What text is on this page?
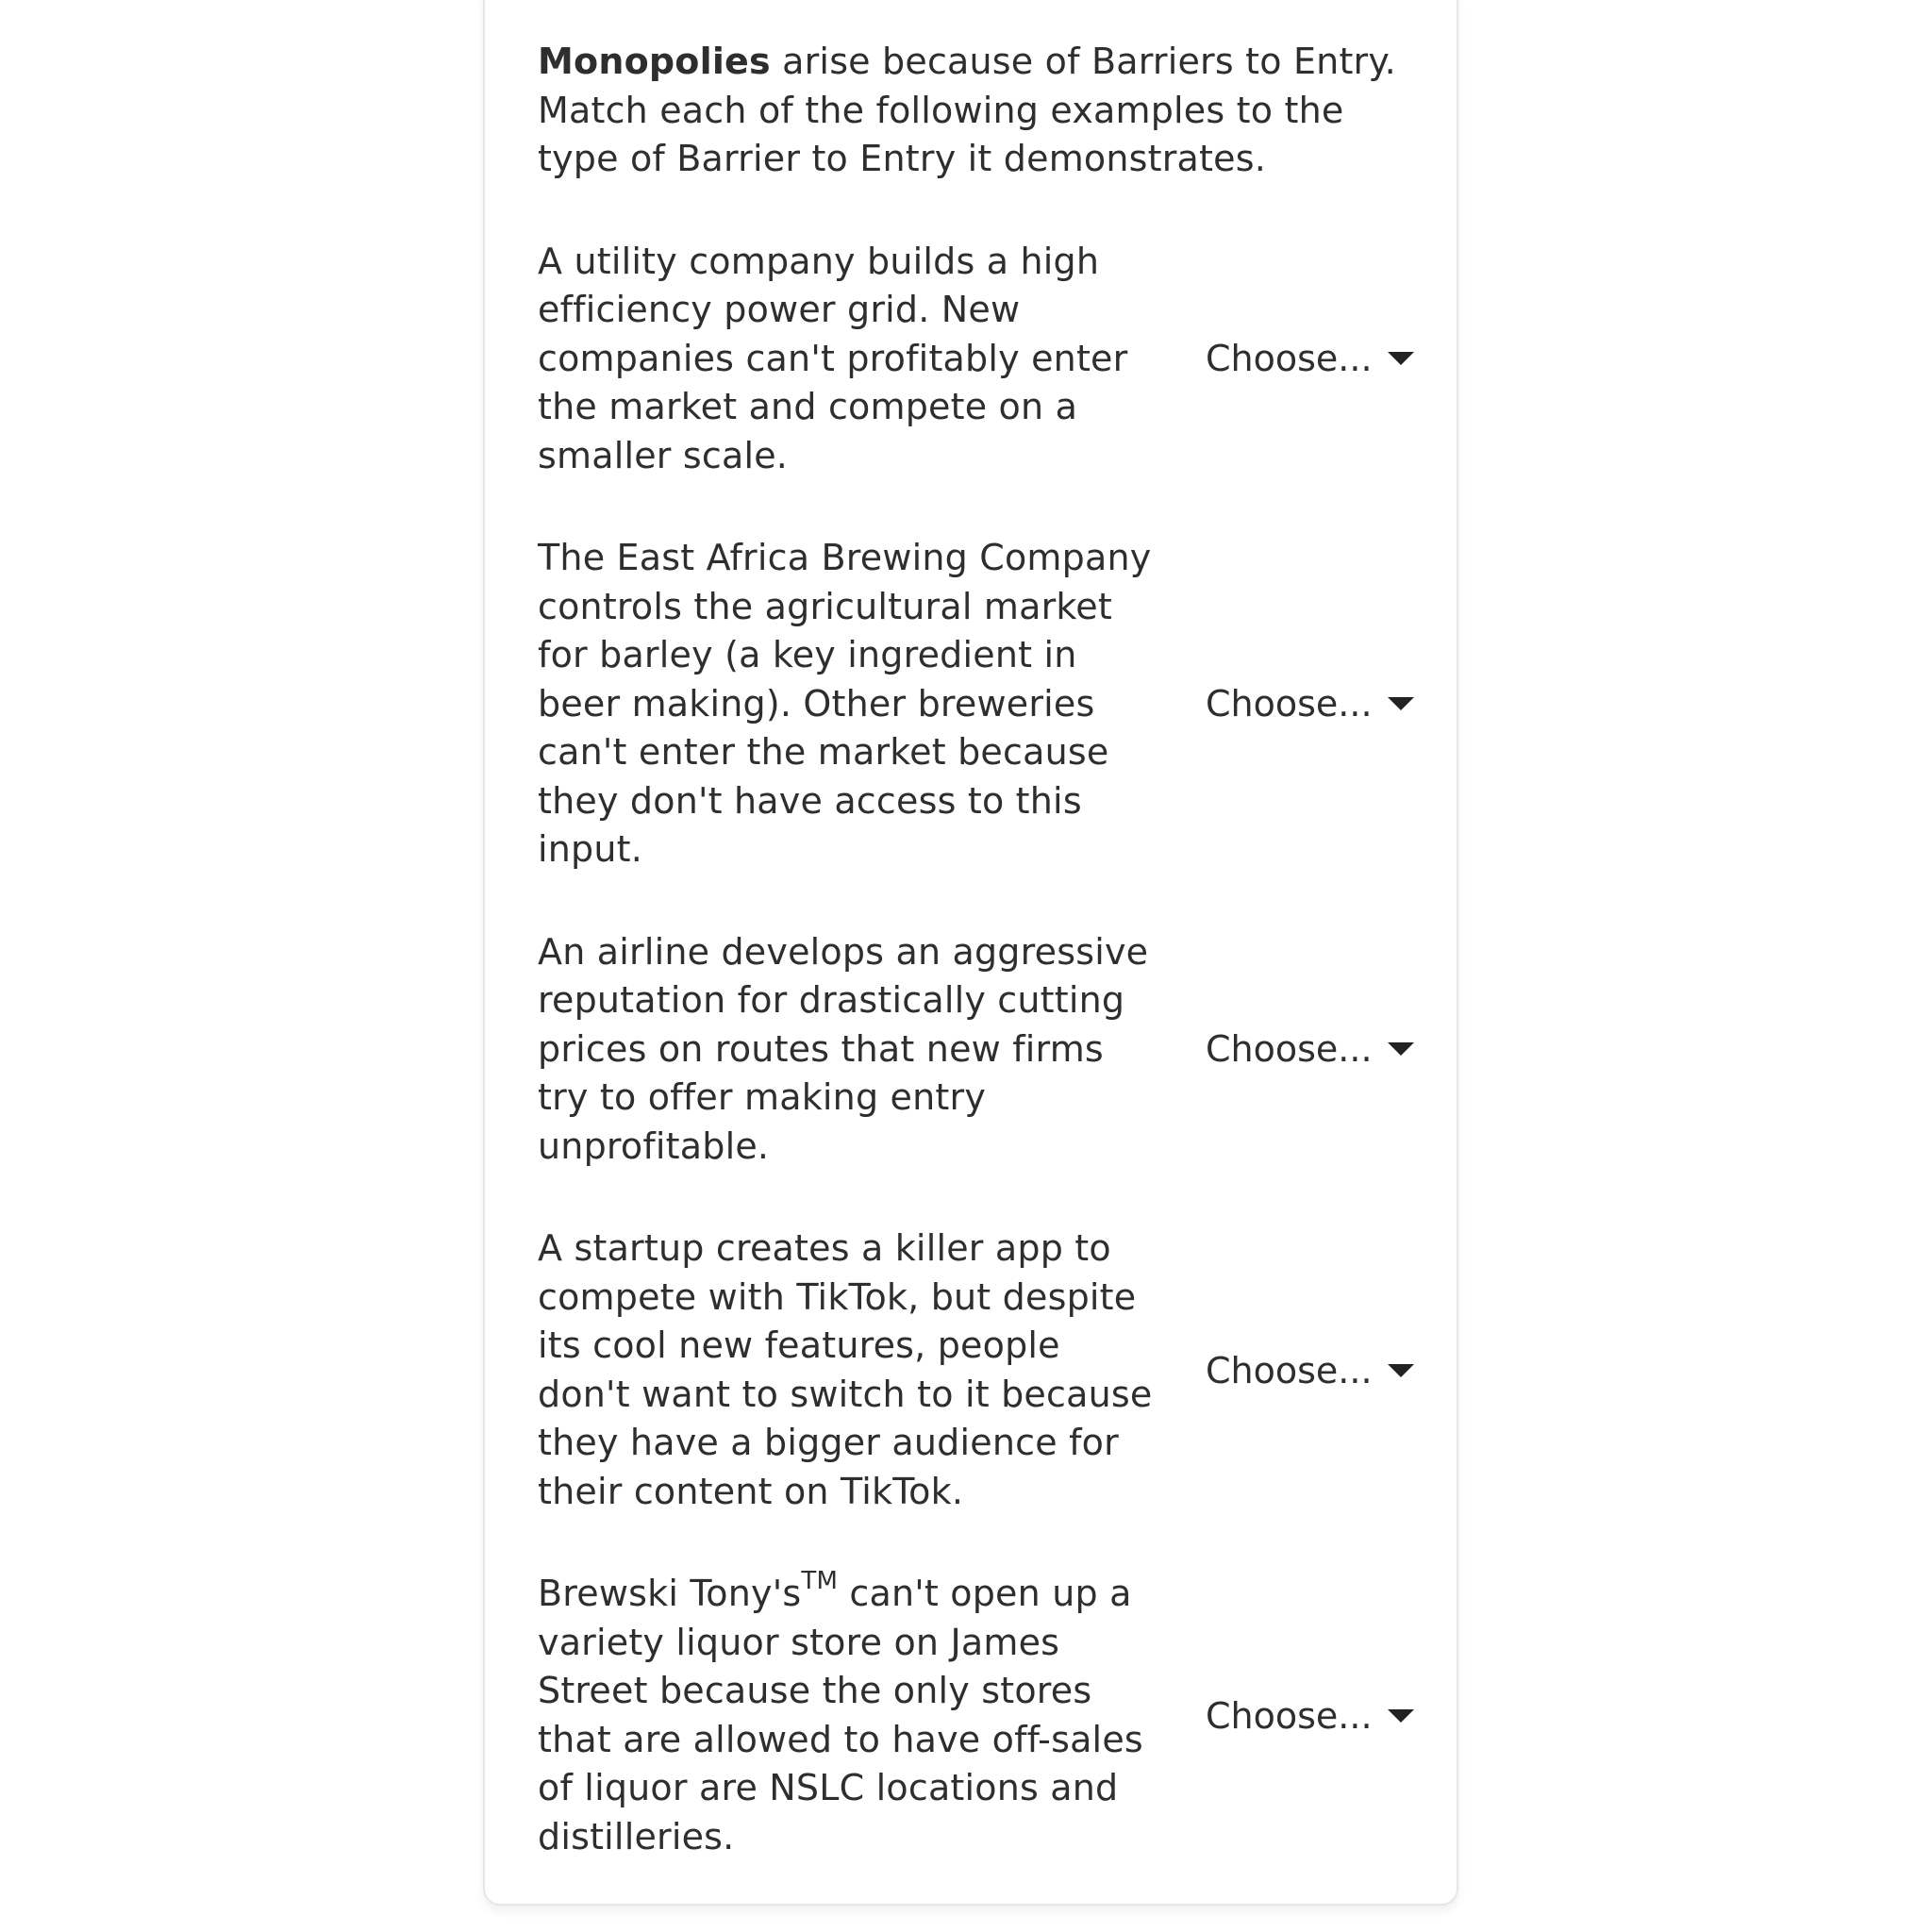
Monopolies arise because of Barriers to Entry. Match each of the following examples to the type of Barrier to Entry it demonstrates.

A utility company builds a high efficiency power grid. New companies can't profitably enter the market and compete on a smaller scale.
Choose...
The East Africa Brewing Company controls the agricultural market for barley (a key ingredient in beer making). Other breweries can't enter the market because they don't have access to this input.
Choose...
An airline develops an aggressive reputation for drastically cutting prices on routes that new firms try to offer making entry unprofitable.
Choose...
A startup creates a killer app to compete with TikTok, but despite its cool new features, people don't want to switch to it because they have a bigger audience for their content on TikTok.
Choose...
Brewski Tony's™ can't open up a variety liquor store on James Street because the only stores that are allowed to have off-sales of liquor are NSLC locations and distilleries.
Choose...
